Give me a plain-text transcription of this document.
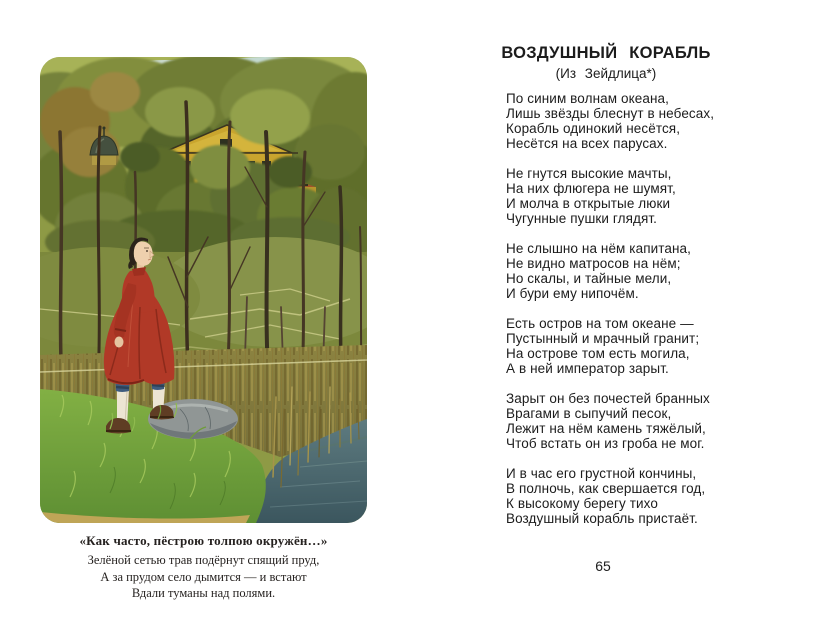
«Как часто, пёстрою толпою окружён…»
Зелёной сетью трав подёрнут спящий пруд,
А за прудом село дымится — и встают
Вдали туманы над полями.
ВОЗДУШНЫЙ КОРАБЛЬ
(Из Зейдлица*)
По синим волнам океана,
Лишь звёзды блеснут в небесах,
Корабль одинокий несётся,
Несётся на всех парусах.
Не гнутся высокие мачты,
На них флюгера не шумят,
И молча в открытые люки
Чугунные пушки глядят.
Не слышно на нём капитана,
Не видно матросов на нём;
Но скалы, и тайные мели,
И бури ему нипочём.
Есть остров на том океане —
Пустынный и мрачный гранит;
На острове том есть могила,
А в ней император зарыт.
Зарыт он без почестей бранных
Врагами в сыпучий песок,
Лежит на нём камень тяжёлый,
Чтоб встать он из гроба не мог.
И в час его грустной кончины,
В полночь, как свершается год,
К высокому берегу тихо
Воздушный корабль пристаёт.
65
